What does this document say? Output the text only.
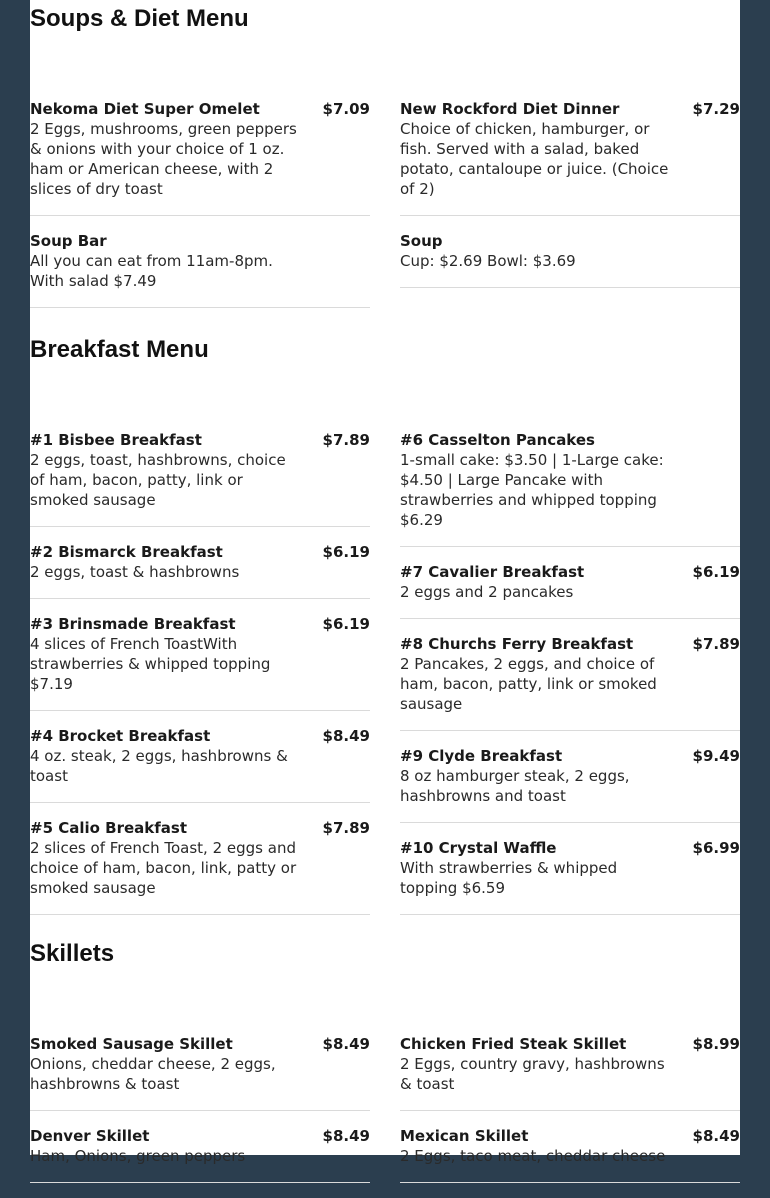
Soups & Diet Menu
Nekoma Diet Super Omelet	$7.09
2 Eggs, mushrooms, green peppers & onions with your choice of 1 oz. ham or American cheese, with 2 slices of dry toast
Soup Bar
All you can eat from 11am-8pm. With salad $7.49
New Rockford Diet Dinner	$7.29
Choice of chicken, hamburger, or fish. Served with a salad, baked potato, cantaloupe or juice. (Choice of 2)
Soup
Cup: $2.69 Bowl: $3.69
Breakfast Menu
#1 Bisbee Breakfast	$7.89
2 eggs, toast, hashbrowns, choice of ham, bacon, patty, link or smoked sausage
#2 Bismarck Breakfast	$6.19
2 eggs, toast & hashbrowns
#3 Brinsmade Breakfast	$6.19
4 slices of French ToastWith strawberries & whipped topping $7.19
#4 Brocket Breakfast	$8.49
4 oz. steak, 2 eggs, hashbrowns & toast
#5 Calio Breakfast	$7.89
2 slices of French Toast, 2 eggs and choice of ham, bacon, link, patty or smoked sausage
#6 Casselton Pancakes
1-small cake: $3.50 | 1-Large cake: $4.50 | Large Pancake with strawberries and whipped topping $6.29
#7 Cavalier Breakfast	$6.19
2 eggs and 2 pancakes
#8 Churchs Ferry Breakfast	$7.89
2 Pancakes, 2 eggs, and choice of ham, bacon, patty, link or smoked sausage
#9 Clyde Breakfast	$9.49
8 oz hamburger steak, 2 eggs, hashbrowns and toast
#10 Crystal Waffle	$6.99
With strawberries & whipped topping $6.59
Skillets
Smoked Sausage Skillet	$8.49
Onions, cheddar cheese, 2 eggs, hashbrowns & toast
Denver Skillet	$8.49
Ham, Onions, green peppers
Chicken Fried Steak Skillet	$8.99
2 Eggs, country gravy, hashbrowns & toast
Mexican Skillet	$8.49
2 Eggs, taco meat, cheddar cheese
